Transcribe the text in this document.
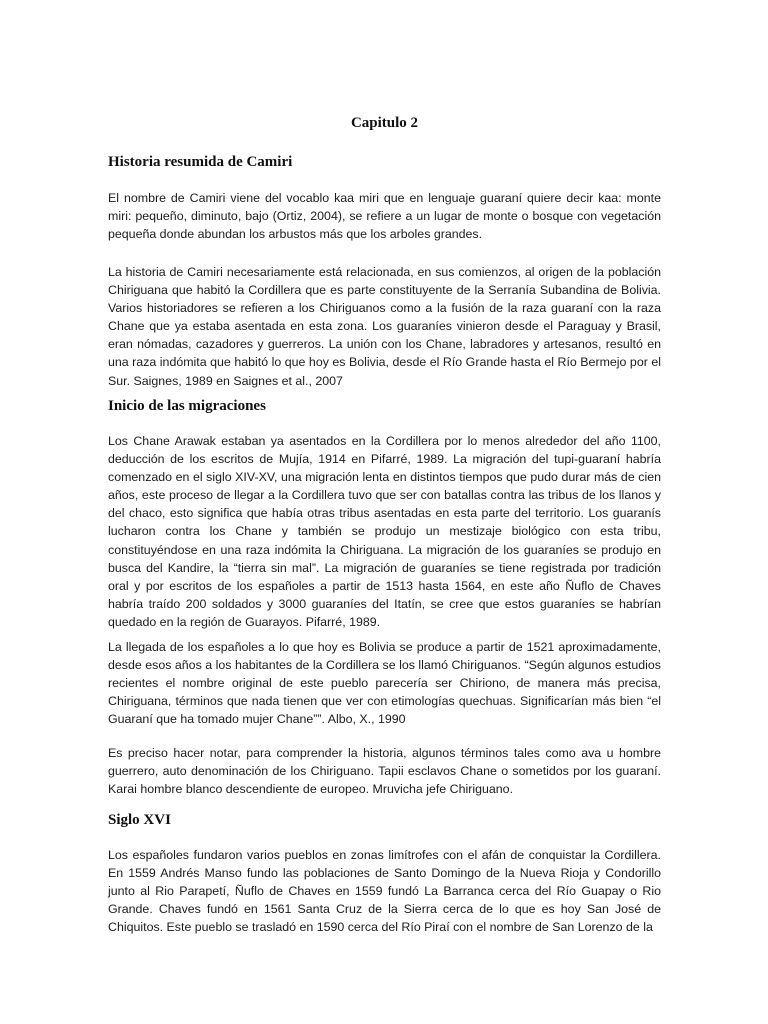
Capitulo 2
Historia resumida de Camiri

El nombre de Camiri viene del vocablo kaa miri que en lenguaje guaraní quiere decir kaa: monte miri: pequeño, diminuto, bajo (Ortiz, 2004), se refiere a un lugar de monte o bosque con vegetación pequeña donde abundan los arbustos más que los arboles grandes.

La historia de Camiri necesariamente está relacionada, en sus comienzos, al origen de la población Chiriguana que habitó la Cordillera que es parte constituyente de la Serranía Subandina de Bolivia. Varios historiadores se refieren a los Chiriguanos como a la fusión de la raza guaraní con la raza Chane que ya estaba asentada en esta zona. Los guaraníes vinieron desde el Paraguay y Brasil, eran nómadas, cazadores y guerreros. La unión con los Chane, labradores y artesanos, resultó en una raza indómita que habitó lo que hoy es Bolivia, desde el Río Grande hasta el Río Bermejo por el Sur. Saignes, 1989 en Saignes et al., 2007

Inicio de las migraciones

Los Chane Arawak estaban ya asentados en la Cordillera por lo menos alrededor del año 1100, deducción de los escritos de Mujía, 1914 en Pifarré, 1989. La migración del tupi-guaraní habría comenzado en el siglo XIV-XV, una migración lenta en distintos tiempos que pudo durar más de cien años, este proceso de llegar a la Cordillera tuvo que ser con batallas contra las tribus de los llanos y del chaco, esto significa que había otras tribus asentadas en esta parte del territorio. Los guaranís lucharon contra los Chane y también se produjo un mestizaje biológico con esta tribu, constituyéndose en una raza indómita la Chiriguana. La migración de los guaraníes se produjo en busca del Kandire, la “tierra sin mal”. La migración de guaraníes se tiene registrada por tradición oral y por escritos de los españoles a partir de 1513 hasta 1564, en este año Ñuflo de Chaves habría traído 200 soldados y 3000 guaraníes del Itatín, se cree que estos guaraníes se habrían quedado en la región de Guarayos. Pifarré, 1989.

La llegada de los españoles a lo que hoy es Bolivia se produce a partir de 1521 aproximadamente, desde esos años a los habitantes de la Cordillera se los llamó Chiriguanos. “Según algunos estudios recientes el nombre original de este pueblo parecería ser Chiriono, de manera más precisa, Chiriguana, términos que nada tienen que ver con etimologías quechuas. Significarían más bien “el Guaraní que ha tomado mujer Chane””. Albo, X., 1990

Es preciso hacer notar, para comprender la historia, algunos términos tales como ava u hombre guerrero, auto denominación de los Chiriguano. Tapii esclavos Chane o sometidos por los guaraní. Karai hombre blanco descendiente de europeo. Mruvicha jefe Chiriguano.

Siglo XVI

Los españoles fundaron varios pueblos en zonas limítrofes con el afán de conquistar la Cordillera. En 1559 Andrés Manso fundo las poblaciones de Santo Domingo de la Nueva Rioja y Condorillo junto al Rio Parapetí, Ñuflo de Chaves en 1559 fundó La Barranca cerca del Río Guapay o Rio Grande. Chaves fundó en 1561 Santa Cruz de la Sierra cerca de lo que es hoy San José de Chiquitos. Este pueblo se trasladó en 1590 cerca del Río Piraí con el nombre de San Lorenzo de la
